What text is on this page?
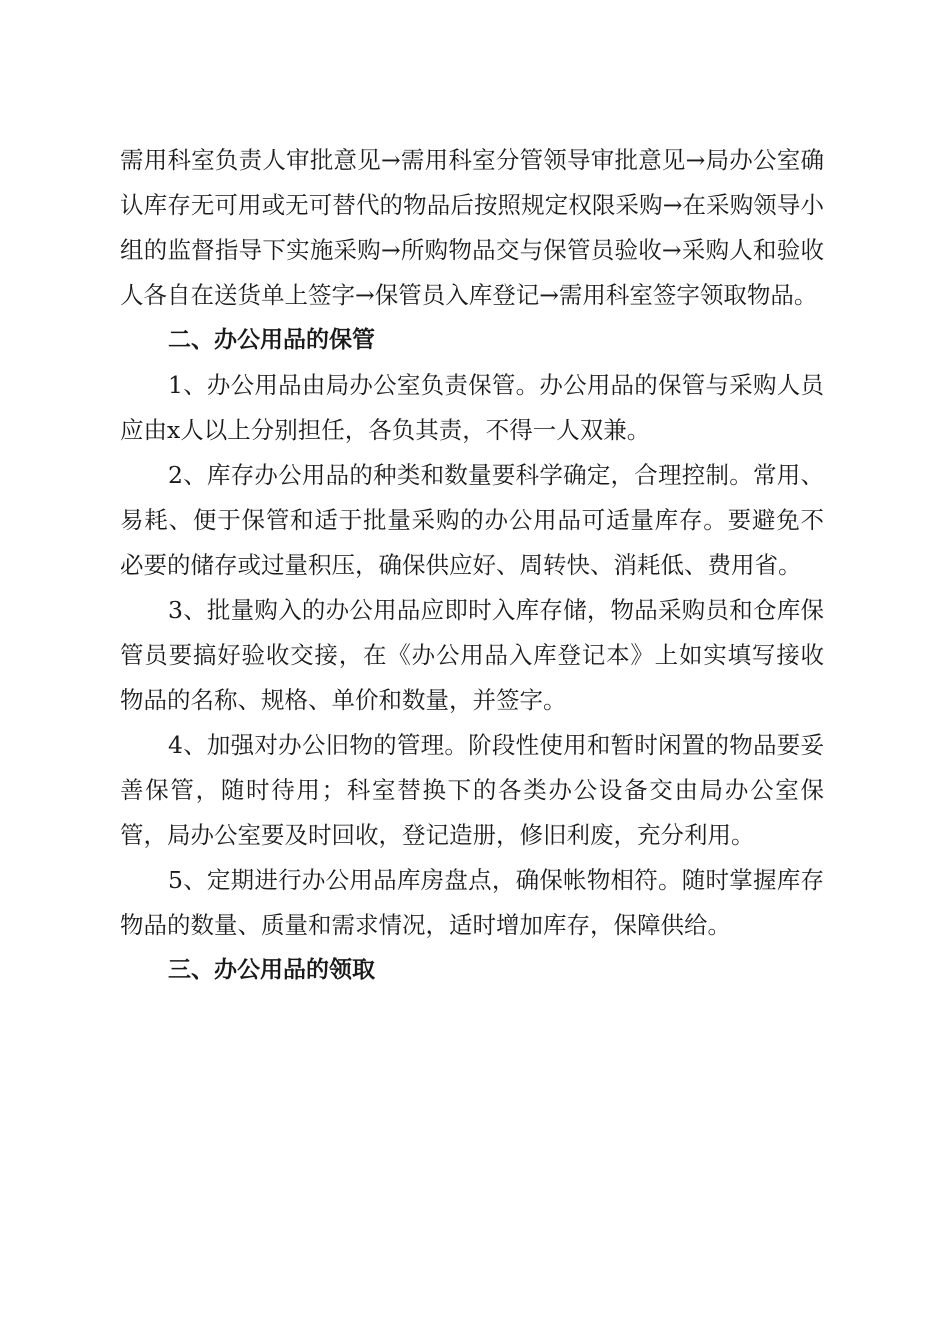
需用科室负责人审批意见→需用科室分管领导审批意见→局办公室确认库存无可用或无可替代的物品后按照规定权限采购→在采购领导小组的监督指导下实施采购→所购物品交与保管员验收→采购人和验收人各自在送货单上签字→保管员入库登记→需用科室签字领取物品。

二、办公用品的保管

1、办公用品由局办公室负责保管。办公用品的保管与采购人员应由x人以上分别担任，各负其责，不得一人双兼。

2、库存办公用品的种类和数量要科学确定，合理控制。常用、易耗、便于保管和适于批量采购的办公用品可适量库存。要避免不必要的储存或过量积压，确保供应好、周转快、消耗低、费用省。

3、批量购入的办公用品应即时入库存储，物品采购员和仓库保管员要搞好验收交接，在《办公用品入库登记本》上如实填写接收物品的名称、规格、单价和数量，并签字。

4、加强对办公旧物的管理。阶段性使用和暂时闲置的物品要妥善保管，随时待用；科室替换下的各类办公设备交由局办公室保管，局办公室要及时回收，登记造册，修旧利废，充分利用。

5、定期进行办公用品库房盘点，确保帐物相符。随时掌握库存物品的数量、质量和需求情况，适时增加库存，保障供给。

三、办公用品的领取
